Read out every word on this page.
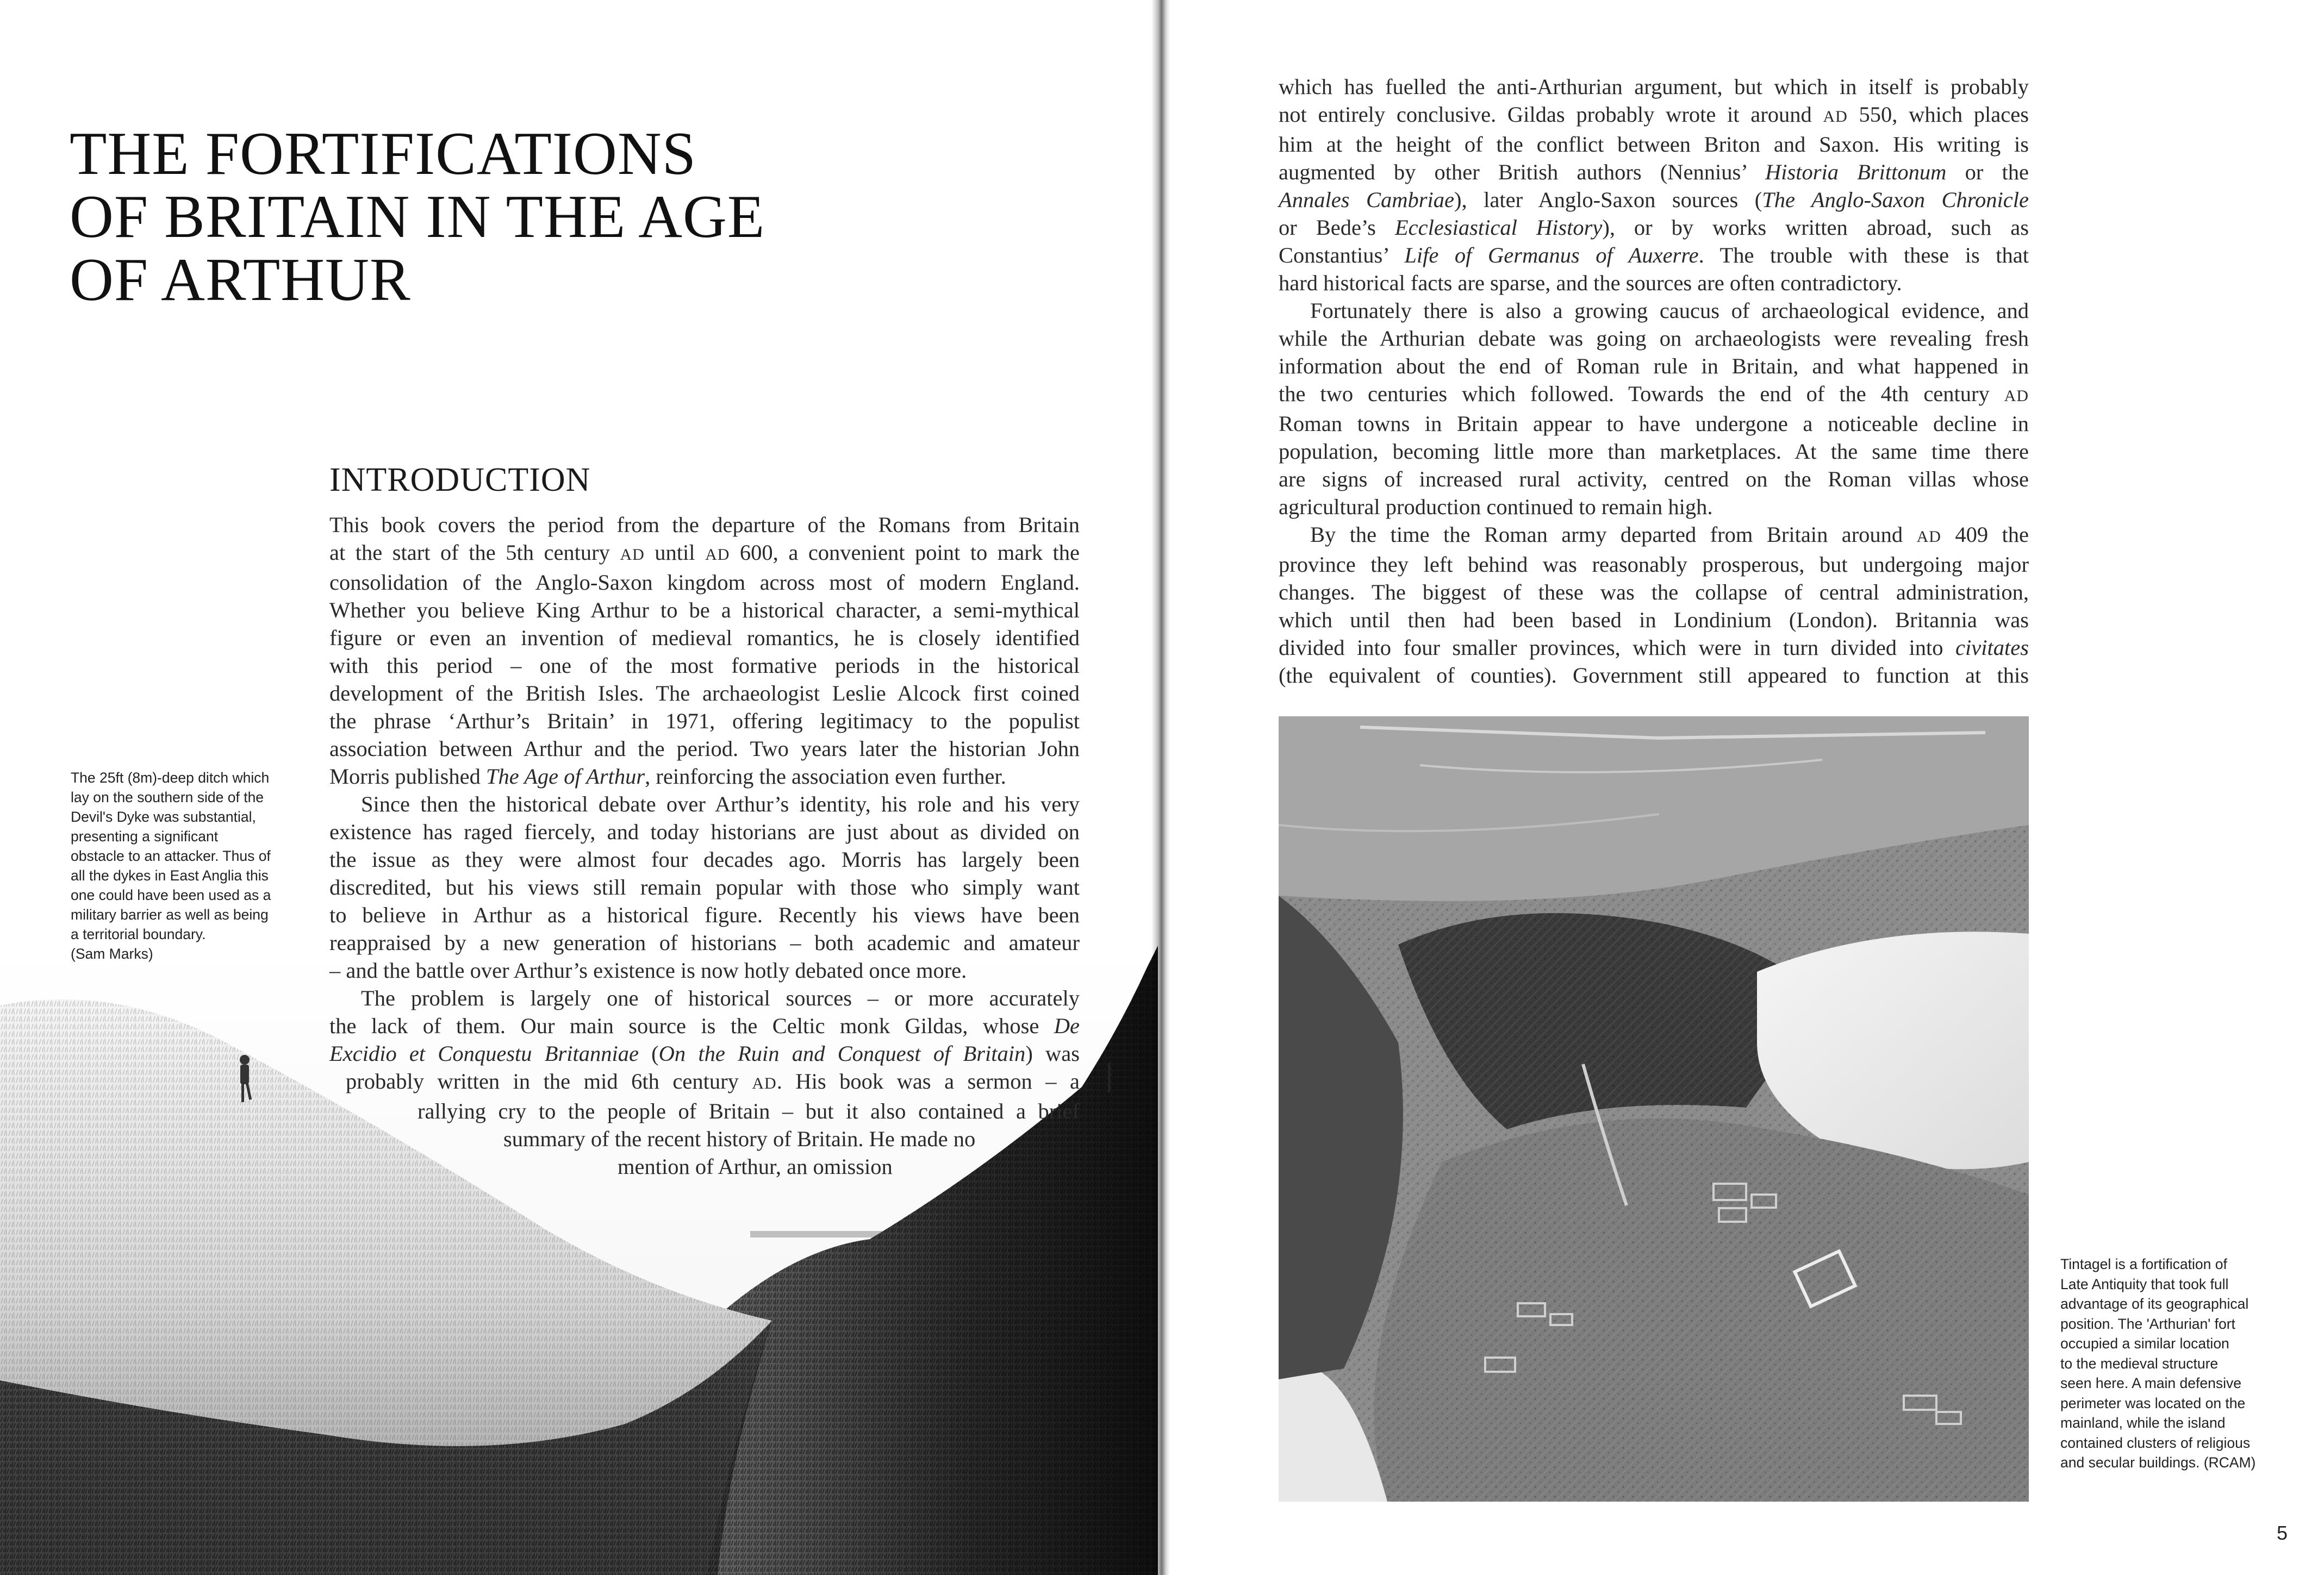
THE FORTIFICATIONS
OF BRITAIN IN THE AGE
OF ARTHUR
INTRODUCTION
This book covers the period from the departure of the Romans from Britain
at the start of the 5th century AD until AD 600, a convenient point to mark the
consolidation of the Anglo-Saxon kingdom across most of modern England.
Whether you believe King Arthur to be a historical character, a semi-mythical
figure or even an invention of medieval romantics, he is closely identified
with this period – one of the most formative periods in the historical
development of the British Isles. The archaeologist Leslie Alcock first coined
the phrase ‘Arthur’s Britain’ in 1971, offering legitimacy to the populist
association between Arthur and the period. Two years later the historian John
Morris published The Age of Arthur, reinforcing the association even further.
Since then the historical debate over Arthur’s identity, his role and his very
existence has raged fiercely, and today historians are just about as divided on
the issue as they were almost four decades ago. Morris has largely been
discredited, but his views still remain popular with those who simply want
to believe in Arthur as a historical figure. Recently his views have been
reappraised by a new generation of historians – both academic and amateur
– and the battle over Arthur’s existence is now hotly debated once more.
The problem is largely one of historical sources – or more accurately
the lack of them. Our main source is the Celtic monk Gildas, whose De
Excidio et Conquestu Britanniae (On the Ruin and Conquest of Britain) was
probably written in the mid 6th century AD. His book was a sermon – a
rallying cry to the people of Britain – but it also contained a brief
summary of the recent history of Britain. He made no
mention of Arthur, an omission
The 25ft (8m)-deep ditch which
lay on the southern side of the
Devil's Dyke was substantial,
presenting a significant
obstacle to an attacker. Thus of
all the dykes in East Anglia this
one could have been used as a
military barrier as well as being
a territorial boundary.
(Sam Marks)
which has fuelled the anti-Arthurian argument, but which in itself is probably
not entirely conclusive. Gildas probably wrote it around AD 550, which places
him at the height of the conflict between Briton and Saxon. His writing is
augmented by other British authors (Nennius’ Historia Brittonum or the
Annales Cambriae), later Anglo-Saxon sources (The Anglo-Saxon Chronicle
or Bede’s Ecclesiastical History), or by works written abroad, such as
Constantius’ Life of Germanus of Auxerre. The trouble with these is that
hard historical facts are sparse, and the sources are often contradictory.
Fortunately there is also a growing caucus of archaeological evidence, and
while the Arthurian debate was going on archaeologists were revealing fresh
information about the end of Roman rule in Britain, and what happened in
the two centuries which followed. Towards the end of the 4th century AD
Roman towns in Britain appear to have undergone a noticeable decline in
population, becoming little more than marketplaces. At the same time there
are signs of increased rural activity, centred on the Roman villas whose
agricultural production continued to remain high.
By the time the Roman army departed from Britain around AD 409 the
province they left behind was reasonably prosperous, but undergoing major
changes. The biggest of these was the collapse of central administration,
which until then had been based in Londinium (London). Britannia was
divided into four smaller provinces, which were in turn divided into civitates
(the equivalent of counties). Government still appeared to function at this
Tintagel is a fortification of
Late Antiquity that took full
advantage of its geographical
position. The 'Arthurian' fort
occupied a similar location
to the medieval structure
seen here. A main defensive
perimeter was located on the
mainland, while the island
contained clusters of religious
and secular buildings. (RCAM)
5
